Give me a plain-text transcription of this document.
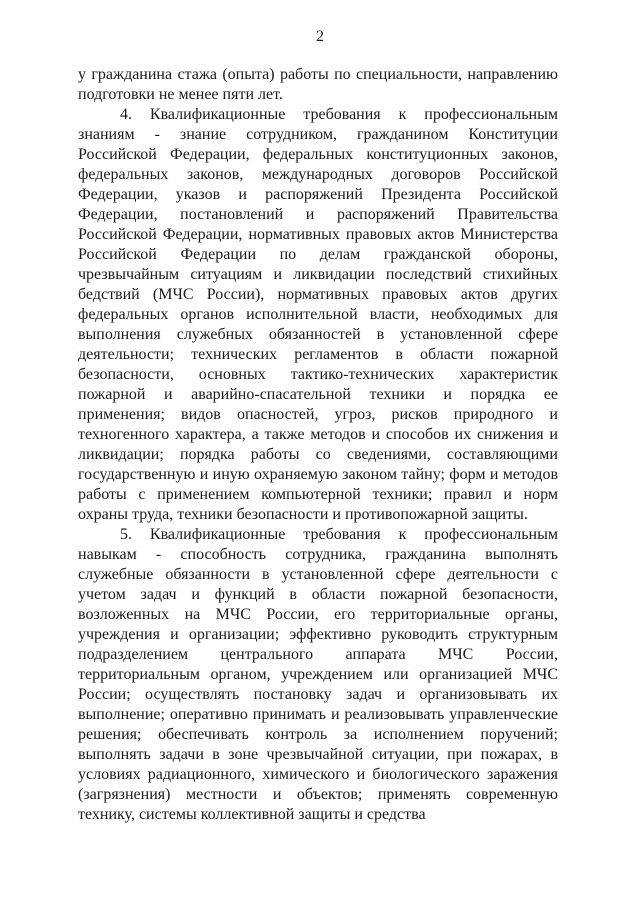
2

у гражданина стажа (опыта) работы по специальности, направлению подготовки не менее пяти лет.

4. Квалификационные требования к профессиональным знаниям - знание сотрудником, гражданином Конституции Российской Федерации, федеральных конституционных законов, федеральных законов, международных договоров Российской Федерации, указов и распоряжений Президента Российской Федерации, постановлений и распоряжений Правительства Российской Федерации, нормативных правовых актов Министерства Российской Федерации по делам гражданской обороны, чрезвычайным ситуациям и ликвидации последствий стихийных бедствий (МЧС России), нормативных правовых актов других федеральных органов исполнительной власти, необходимых для выполнения служебных обязанностей в установленной сфере деятельности; технических регламентов в области пожарной безопасности, основных тактико-технических характеристик пожарной и аварийно-спасательной техники и порядка ее применения; видов опасностей, угроз, рисков природного и техногенного характера, а также методов и способов их снижения и ликвидации; порядка работы со сведениями, составляющими государственную и иную охраняемую законом тайну; форм и методов работы с применением компьютерной техники; правил и норм охраны труда, техники безопасности и противопожарной защиты.

5. Квалификационные требования к профессиональным навыкам - способность сотрудника, гражданина выполнять служебные обязанности в установленной сфере деятельности с учетом задач и функций в области пожарной безопасности, возложенных на МЧС России, его территориальные органы, учреждения и организации; эффективно руководить структурным подразделением центрального аппарата МЧС России, территориальным органом, учреждением или организацией МЧС России; осуществлять постановку задач и организовывать их выполнение; оперативно принимать и реализовывать управленческие решения; обеспечивать контроль за исполнением поручений; выполнять задачи в зоне чрезвычайной ситуации, при пожарах, в условиях радиационного, химического и биологического заражения (загрязнения) местности и объектов; применять современную технику, системы коллективной защиты и средства
